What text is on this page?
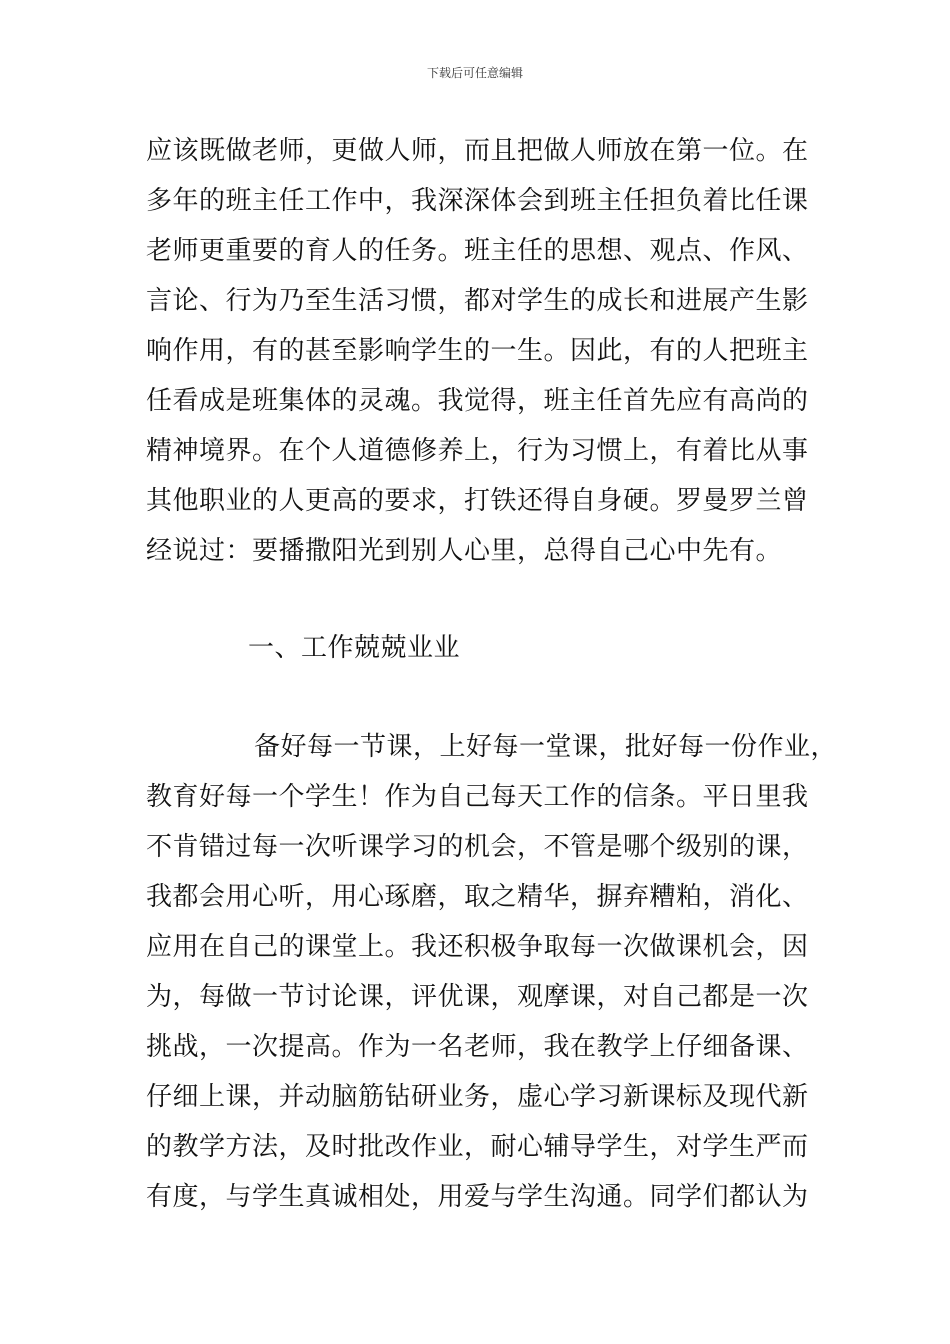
下载后可任意编辑
应该既做老师，更做人师，而且把做人师放在第一位。在
多年的班主任工作中，我深深体会到班主任担负着比任课
老师更重要的育人的任务。班主任的思想、观点、作风、
言论、行为乃至生活习惯，都对学生的成长和进展产生影
响作用，有的甚至影响学生的一生。因此，有的人把班主
任看成是班集体的灵魂。我觉得，班主任首先应有高尚的
精神境界。在个人道德修养上，行为习惯上，有着比从事
其他职业的人更高的要求，打铁还得自身硬。罗曼罗兰曾
经说过：要播撒阳光到别人心里，总得自己心中先有。
一、工作兢兢业业
备好每一节课，上好每一堂课，批好每一份作业，
教育好每一个学生！作为自己每天工作的信条。平日里我
不肯错过每一次听课学习的机会，不管是哪个级别的课，
我都会用心听，用心琢磨，取之精华，摒弃糟粕，消化、
应用在自己的课堂上。我还积极争取每一次做课机会，因
为，每做一节讨论课，评优课，观摩课，对自己都是一次
挑战，一次提高。作为一名老师，我在教学上仔细备课、
仔细上课，并动脑筋钻研业务，虚心学习新课标及现代新
的教学方法，及时批改作业，耐心辅导学生，对学生严而
有度，与学生真诚相处，用爱与学生沟通。同学们都认为
